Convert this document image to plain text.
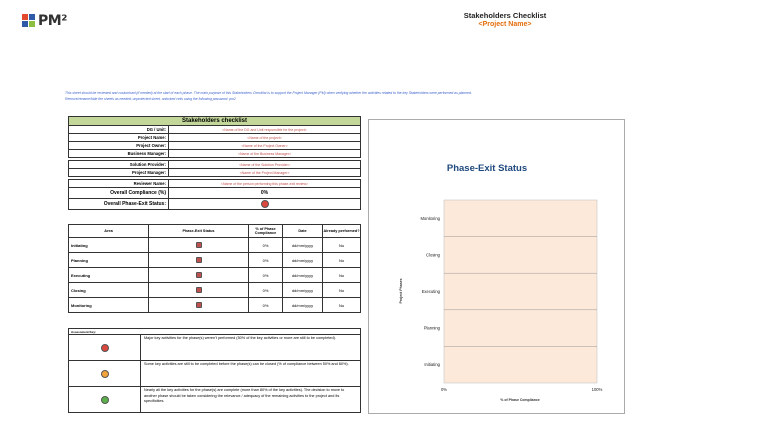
PM²	Stakeholders Checklist
<Project Name>
This sheet should be reviewed and customised (if needed) at the start of each phase. The main purpose of this Stakeholders Checklist is to support the Project Manager (PM) when verifying whether the activities related to the key Stakeholders were performed as planned.
Remove/rename/hide the sheets as needed; unprotected sheet, unlocked cells using the following password: pm2
Stakeholders checklist	
DG / Unit:	<Name of the DG and Unit responsible for the project>
Project Name:	<Name of the project>
Project Owner:	<Name of the Project Owner>
Business Manager:	<Name of the Business Manager>

Solution Provider:	<Name of the Solution Provider>
Project Manager:	<Name of the Project Manager>

Reviewer Name:	<Name of the person performing this phase-exit review>
Overall Compliance (%)	0%
Overall Phase-Exit Status:	
Area	Phase-Exit Status	% of Phase Compliance	Date	Already performed?
Initiating		0%	dd/mm/yyyy	No
Planning		0%	dd/mm/yyyy	No
Executing		0%	dd/mm/yyyy	No
Closing		0%	dd/mm/yyyy	No
Monitoring		0%	dd/mm/yyyy	No
Assessment Key:	
	Major key activities for the phase(s) weren't performed (50% of the key activities or more are still to be completed).
	Some key activities are still to be completed before the phase(s) can be closed (% of compliance between 50% and 80%).
	Nearly all the key activities for the phase(s) are complete (more than 80% of the key activities). The decision to move to another phase should be taken considering the relevance / adequacy of the remaining activities to the project and its specificities.
Phase-Exit Status
Initiating
Planning
Executing
Closing
Monitoring
0%	100%
Project Phases
% of Phase Compliance
